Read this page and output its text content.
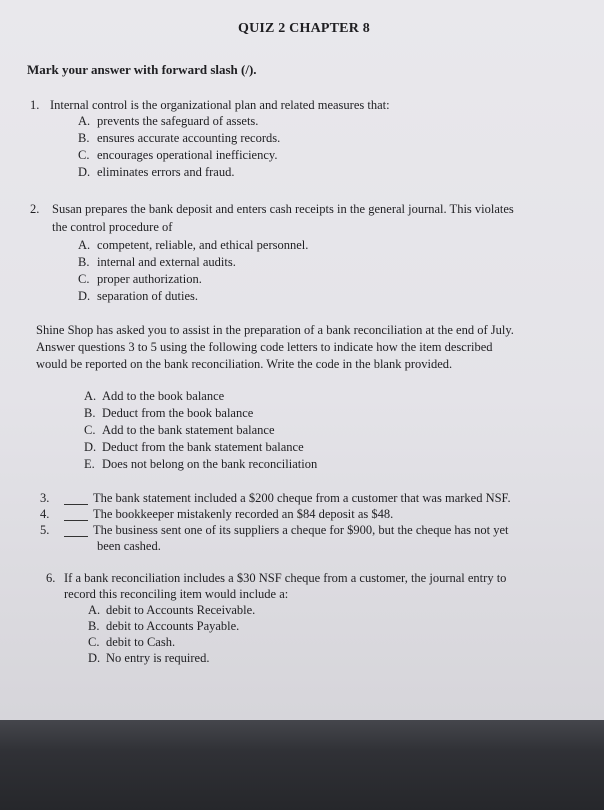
QUIZ 2 CHAPTER 8
Mark your answer with forward slash (/).
1. Internal control is the organizational plan and related measures that:
A. prevents the safeguard of assets.
B. ensures accurate accounting records.
C. encourages operational inefficiency.
D. eliminates errors and fraud.
2. Susan prepares the bank deposit and enters cash receipts in the general journal. This violates
the control procedure of
A. competent, reliable, and ethical personnel.
B. internal and external audits.
C. proper authorization.
D. separation of duties.
Shine Shop has asked you to assist in the preparation of a bank reconciliation at the end of July.
Answer questions 3 to 5 using the following code letters to indicate how the item described
would be reported on the bank reconciliation. Write the code in the blank provided.
A. Add to the book balance
B. Deduct from the book balance
C. Add to the bank statement balance
D. Deduct from the bank statement balance
E. Does not belong on the bank reconciliation
3.	The bank statement included a $200 cheque from a customer that was marked NSF.
4.	The bookkeeper mistakenly recorded an $84 deposit as $48.
5.	The business sent one of its suppliers a cheque for $900, but the cheque has not yet
been cashed.
6. If a bank reconciliation includes a $30 NSF cheque from a customer, the journal entry to
record this reconciling item would include a:
A. debit to Accounts Receivable.
B. debit to Accounts Payable.
C. debit to Cash.
D. No entry is required.
